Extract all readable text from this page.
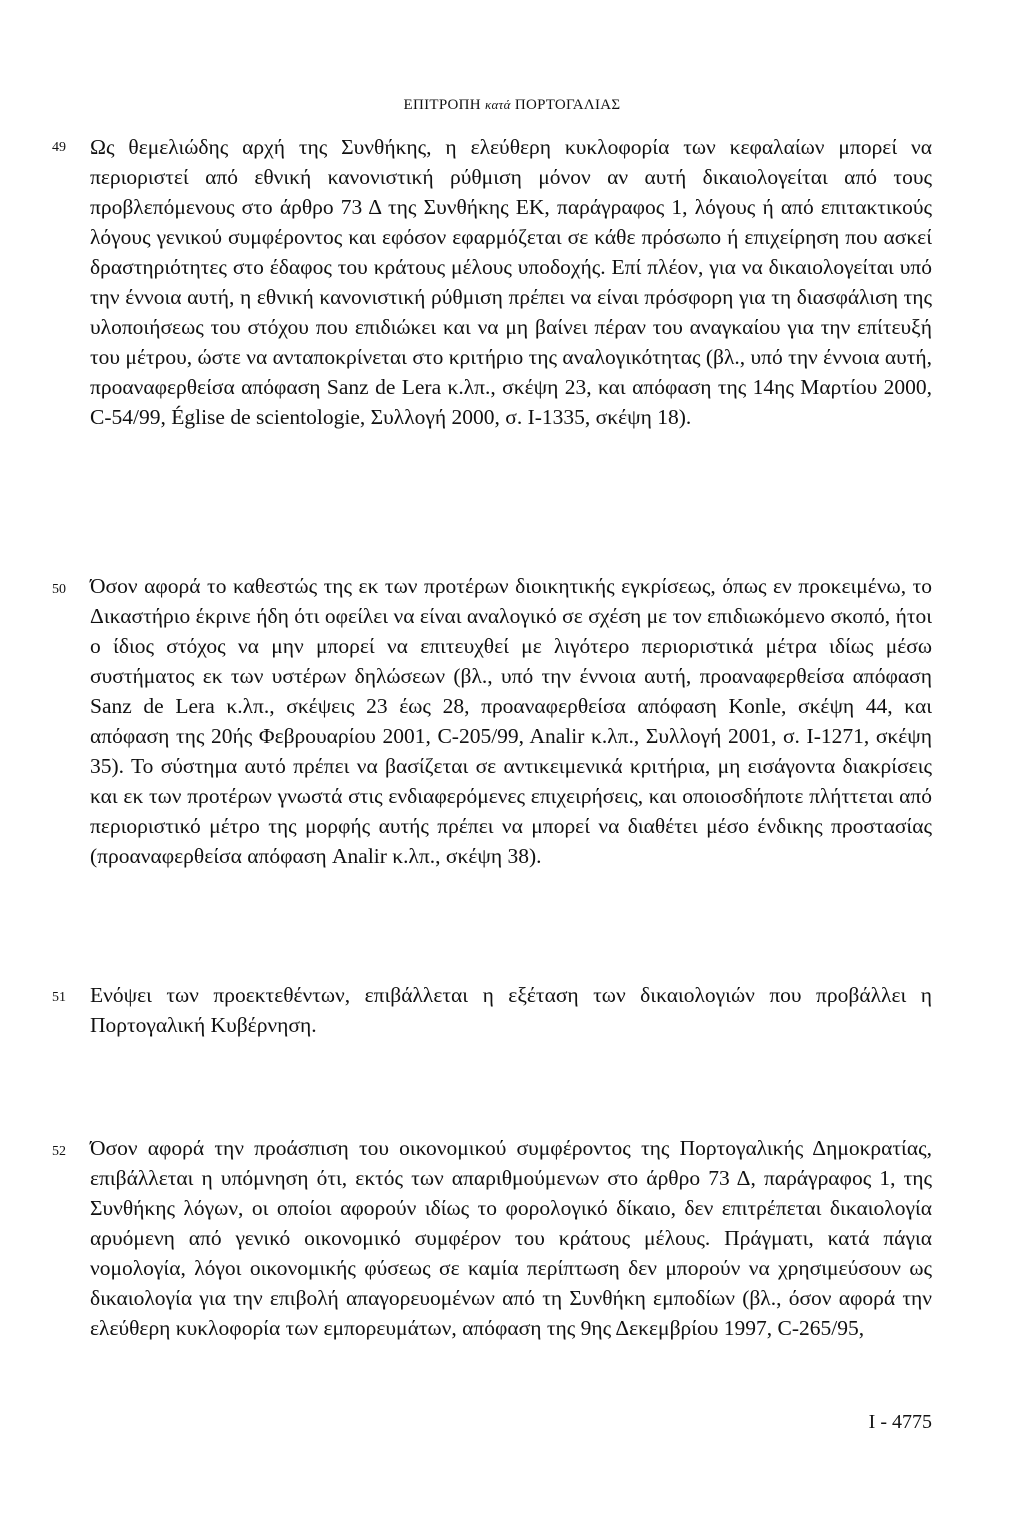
ΕΠΙΤΡΟΠΗ κατά ΠΟΡΤΟΓΑΛΙΑΣ
49 Ως θεμελιώδης αρχή της Συνθήκης, η ελεύθερη κυκλοφορία των κεφαλαίων μπορεί να περιοριστεί από εθνική κανονιστική ρύθμιση μόνον αν αυτή δικαιολογείται από τους προβλεπόμενους στο άρθρο 73 Δ της Συνθήκης ΕΚ, παράγραφος 1, λόγους ή από επιτακτικούς λόγους γενικού συμφέροντος και εφόσον εφαρμόζεται σε κάθε πρόσωπο ή επιχείρηση που ασκεί δραστηριότητες στο έδαφος του κράτους μέλους υποδοχής. Επί πλέον, για να δικαιολογείται υπό την έννοια αυτή, η εθνική κανονιστική ρύθμιση πρέπει να είναι πρόσφορη για τη διασφάλιση της υλοποιήσεως του στόχου που επιδιώκει και να μη βαίνει πέραν του αναγκαίου για την επίτευξή του μέτρου, ώστε να ανταποκρίνεται στο κριτήριο της αναλογικότητας (βλ., υπό την έννοια αυτή, προαναφερθείσα απόφαση Sanz de Lera κ.λπ., σκέψη 23, και απόφαση της 14ης Μαρτίου 2000, C-54/99, Église de scientologie, Συλλογή 2000, σ. I-1335, σκέψη 18).

50 Όσον αφορά το καθεστώς της εκ των προτέρων διοικητικής εγκρίσεως, όπως εν προκειμένω, το Δικαστήριο έκρινε ήδη ότι οφείλει να είναι αναλογικό σε σχέση με τον επιδιωκόμενο σκοπό, ήτοι ο ίδιος στόχος να μην μπορεί να επιτευχθεί με λιγότερο περιοριστικά μέτρα ιδίως μέσω συστήματος εκ των υστέρων δηλώσεων (βλ., υπό την έννοια αυτή, προαναφερθείσα απόφαση Sanz de Lera κ.λπ., σκέψεις 23 έως 28, προαναφερθείσα απόφαση Konle, σκέψη 44, και απόφαση της 20ής Φεβρουαρίου 2001, C-205/99, Analir κ.λπ., Συλλογή 2001, σ. I-1271, σκέψη 35). Το σύστημα αυτό πρέπει να βασίζεται σε αντικειμενικά κριτήρια, μη εισάγοντα διακρίσεις και εκ των προτέρων γνωστά στις ενδιαφερόμενες επιχειρήσεις, και οποιοσδήποτε πλήττεται από περιοριστικό μέτρο της μορφής αυτής πρέπει να μπορεί να διαθέτει μέσο ένδικης προστασίας (προαναφερθείσα απόφαση Analir κ.λπ., σκέψη 38).

51 Ενόψει των προεκτεθέντων, επιβάλλεται η εξέταση των δικαιολογιών που προβάλλει η Πορτογαλική Κυβέρνηση.

52 Όσον αφορά την προάσπιση του οικονομικού συμφέροντος της Πορτογαλικής Δημοκρατίας, επιβάλλεται η υπόμνηση ότι, εκτός των απαριθμούμενων στο άρθρο 73 Δ, παράγραφος 1, της Συνθήκης λόγων, οι οποίοι αφορούν ιδίως το φορολογικό δίκαιο, δεν επιτρέπεται δικαιολογία αρυόμενη από γενικό οικονομικό συμφέρον του κράτους μέλους. Πράγματι, κατά πάγια νομολογία, λόγοι οικονομικής φύσεως σε καμία περίπτωση δεν μπορούν να χρησιμεύσουν ως δικαιολογία για την επιβολή απαγορευομένων από τη Συνθήκη εμποδίων (βλ., όσον αφορά την ελεύθερη κυκλοφορία των εμπορευμάτων, απόφαση της 9ης Δεκεμβρίου 1997, C-265/95,

I - 4775
